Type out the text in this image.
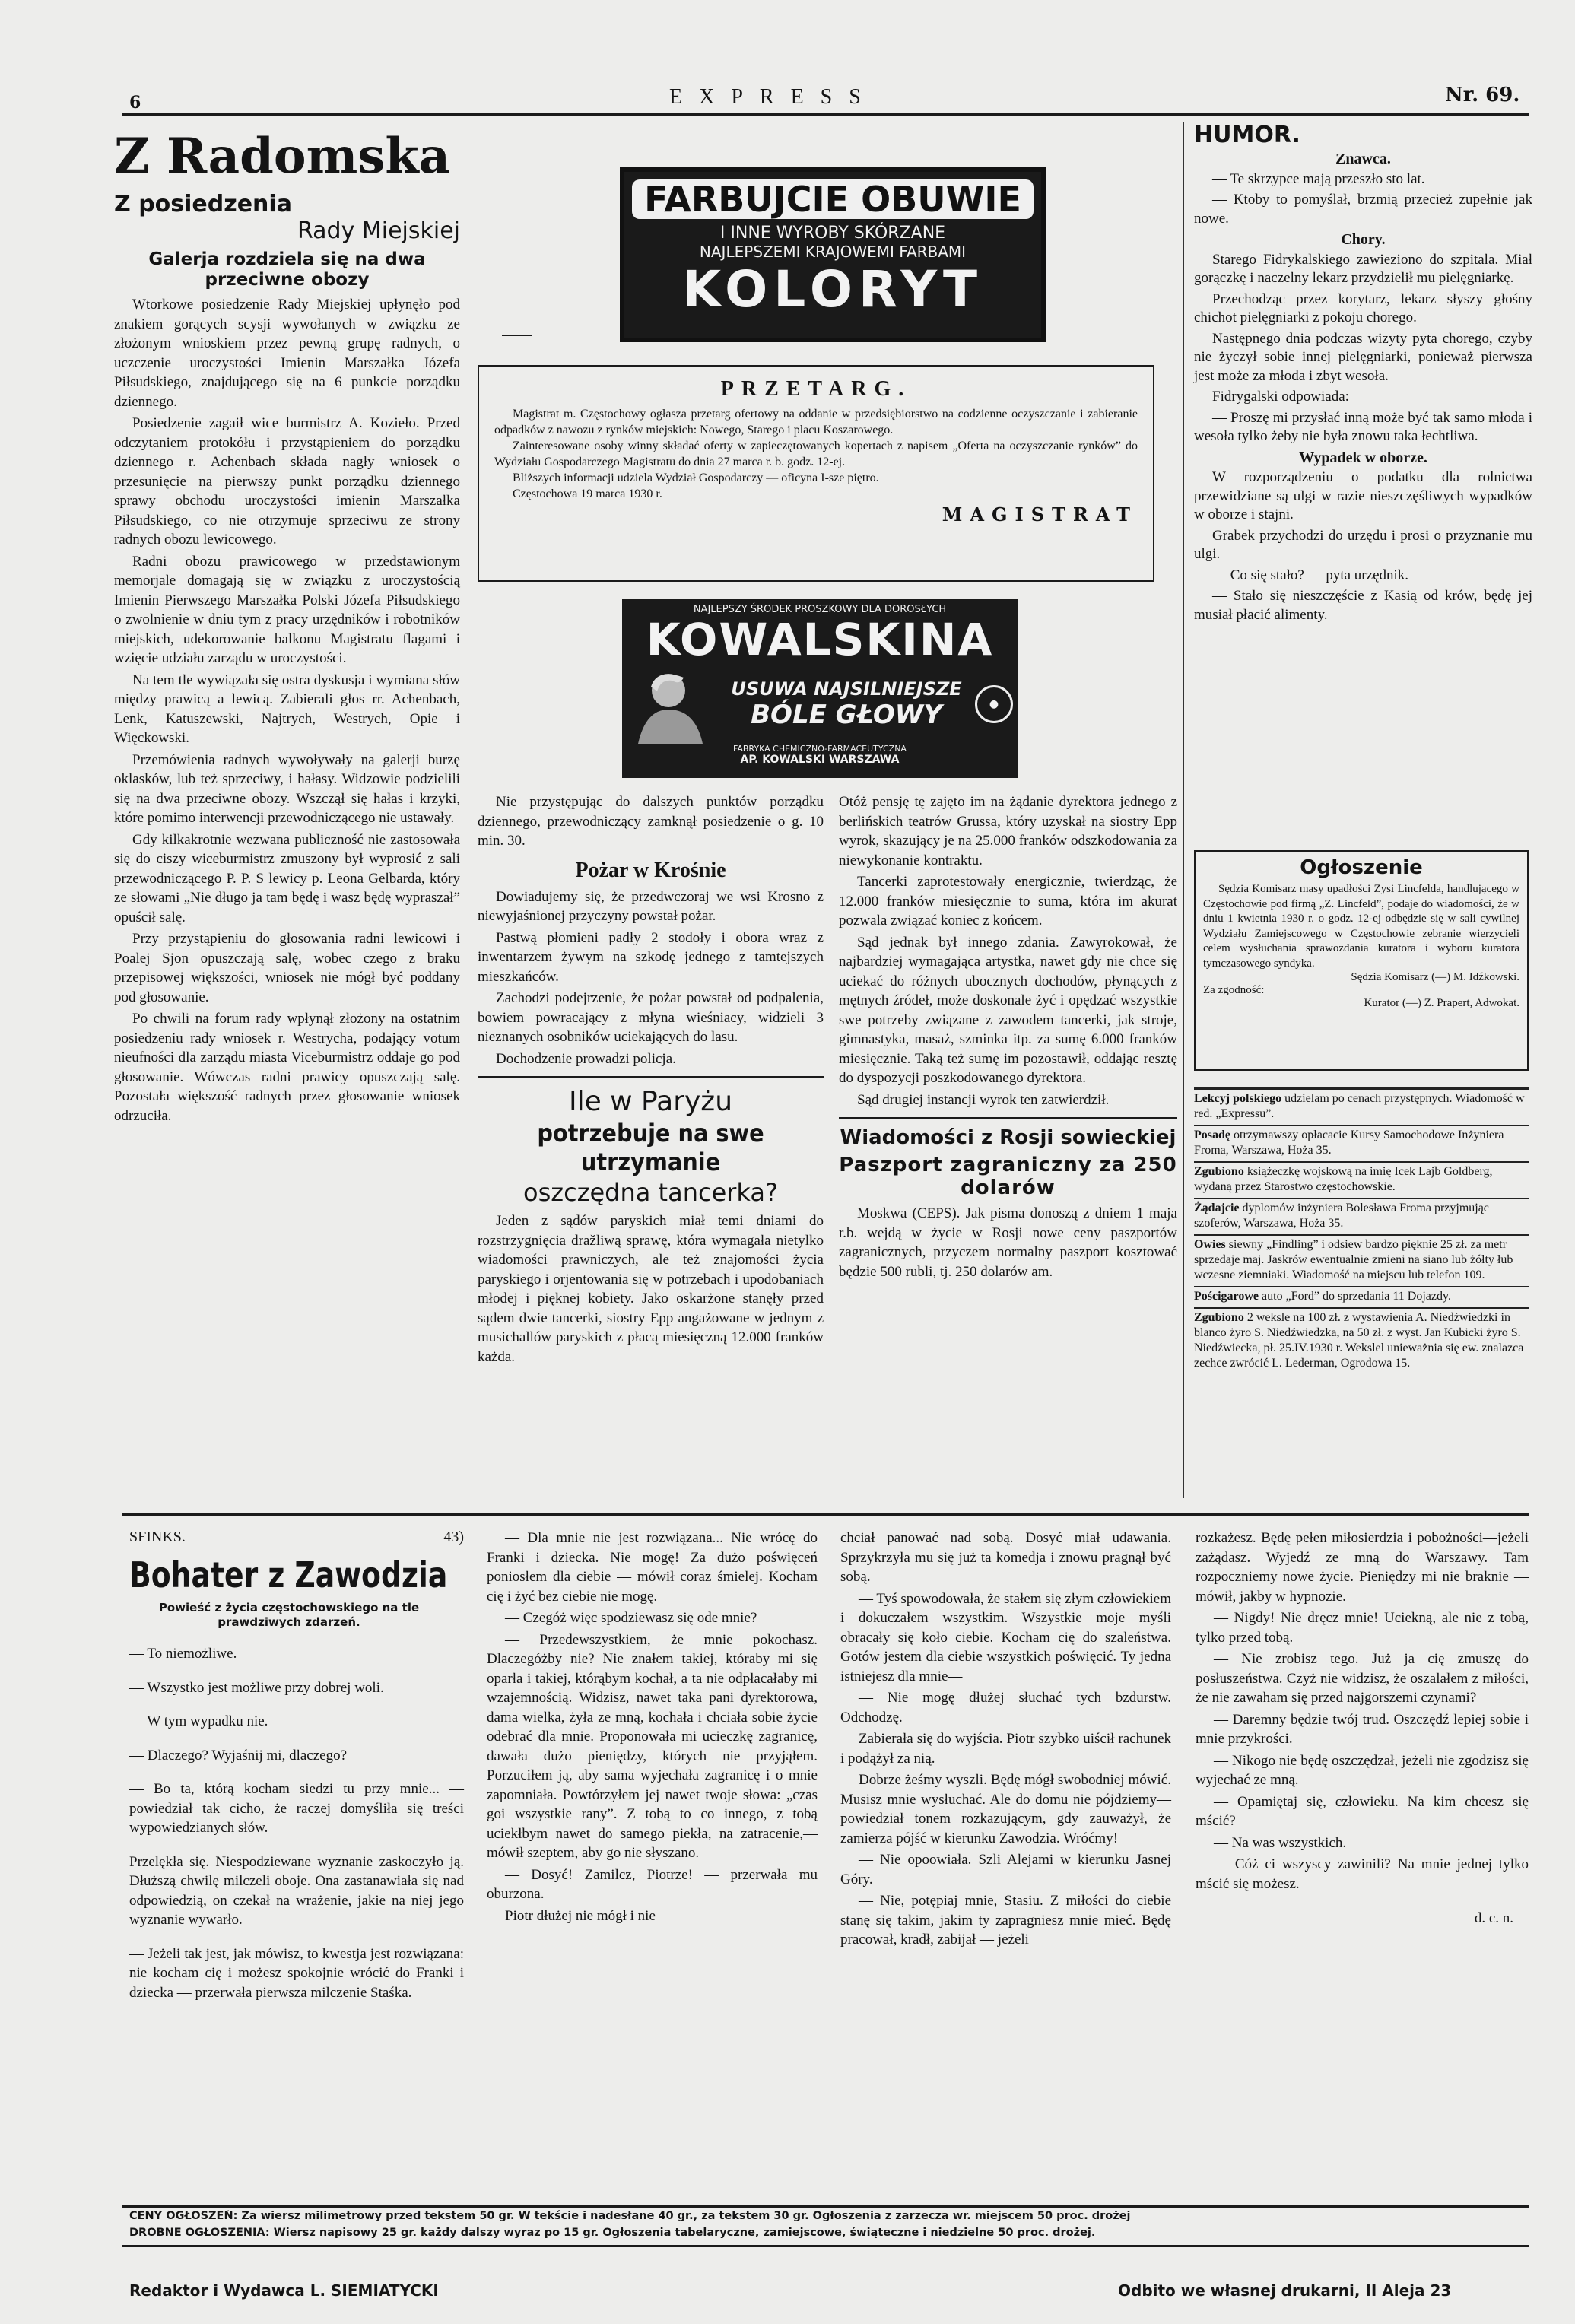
6	EXPRESS	Nr. 69.
Z Radomska
Z posiedzenia
Rady Miejskiej
Galerja rozdziela się na dwa przeciwne obozy

Wtorkowe posiedzenie Rady Miejskiej upłynęło pod znakiem gorących scysji wywołanych w związku ze złożonym wnioskiem przez pewną grupę radnych, o uczczenie uroczystości Imienin Marszałka Józefa Piłsudskiego, znajdującego się na 6 punkcie porządku dziennego.

Posiedzenie zagaił wice burmistrz A. Kozieło. Przed odczytaniem protokółu i przystąpieniem do porządku dziennego r. Achenbach składa nagły wniosek o przesunięcie na pierwszy punkt porządku dziennego sprawy obchodu uroczystości imienin Marszałka Piłsudskiego, co nie otrzymuje sprzeciwu ze strony radnych obozu lewicowego.

Radni obozu prawicowego w przedstawionym memorjale domagają się w związku z uroczystością Imienin Pierwszego Marszałka Polski Józefa Piłsudskiego o zwolnienie w dniu tym z pracy urzędników i robotników miejskich, udekorowanie balkonu Magistratu flagami i wzięcie udziału zarządu w uroczystości.

Na tem tle wywiązała się ostra dyskusja i wymiana słów między prawicą a lewicą. Zabierali głos rr. Achenbach, Lenk, Katuszewski, Najtrych, Westrych, Opie i Więckowski.

Przemówienia radnych wywoływały na galerji burzę oklasków, lub też sprzeciwy, i hałasy. Widzowie podzielili się na dwa przeciwne obozy. Wszczął się hałas i krzyki, które pomimo interwencji przewodniczącego nie ustawały.

Gdy kilkakrotnie wezwana publiczność nie zastosowała się do ciszy wiceburmistrz zmuszony był wyprosić z sali przewodniczącego P. P. S lewicy p. Leona Gelbarda, który ze słowami „Nie długo ja tam będę i wasz będę wypraszał” opuścił salę.

Przy przystąpieniu do głosowania radni lewicowi i Poalej Sjon opuszczają salę, wobec czego z braku przepisowej większości, wniosek nie mógł być poddany pod głosowanie.

Po chwili na forum rady wpłynął złożony na ostatnim posiedzeniu rady wniosek r. Westrycha, podający votum nieufności dla zarządu miasta Viceburmistrz oddaje go pod głosowanie. Wówczas radni prawicy opuszczają salę. Pozostała większość radnych przez głosowanie wniosek odrzuciła.

FARBUJCIE OBUWIE
I INNE WYROBY SKÓRZANE
NAJLEPSZEMI KRAJOWEMI FARBAMI
KOLORYT
PRZETARG.
Magistrat m. Częstochowy ogłasza przetarg ofertowy na oddanie w przedsiębiorstwo na codzienne oczyszczanie i zabieranie odpadków z nawozu z rynków miejskich: Nowego, Starego i placu Koszarowego.
Zainteresowane osoby winny składać oferty w zapieczętowanych kopertach z napisem „Oferta na oczyszczanie rynków” do Wydziału Gospodarczego Magistratu do dnia 27 marca r. b. godz. 12-ej.
Bliższych informacji udziela Wydział Gospodarczy — oficyna I-sze piętro.
Częstochowa 19 marca 1930 r.
MAGISTRAT
NAJLEPSZY ŚRODEK PROSZKOWY DLA DOROSŁYCH
KOWALSKINA
USUWA NAJSILNIEJSZE
BÓLE GŁOWY	●
FABRYKA CHEMICZNO-FARMACEUTYCZNA
AP. KOWALSKI WARSZAWA
Nie przystępując do dalszych punktów porządku dziennego, przewodniczący zamknął posiedzenie o g. 10 min. 30.
Pożar w Krośnie

Dowiadujemy się, że przedwczoraj we wsi Krosno z niewyjaśnionej przyczyny powstał pożar.

Pastwą płomieni padły 2 stodoły i obora wraz z inwentarzem żywym na szkodę jednego z tamtejszych mieszkańców.

Zachodzi podejrzenie, że pożar powstał od podpalenia, bowiem powracający z młyna wieśniacy, widzieli 3 nieznanych osobników uciekających do lasu.

Dochodzenie prowadzi policja.

Ile w Paryżu
potrzebuje na swe utrzymanie
oszczędna tancerka?

Jeden z sądów paryskich miał temi dniami do rozstrzygnięcia dražliwą sprawę, która wymagała nietylko wiadomości prawniczych, ale też znajomości życia paryskiego i orjentowania się w potrzebach i upodobaniach młodej i pięknej kobiety. Jako oskarżone stanęły przed sądem dwie tancerki, siostry Epp angażowane w jednym z musichallów paryskich z płacą miesięczną 12.000 franków każda.

Otóż pensję tę zajęto im na żądanie dyrektora jednego z berlińskich teatrów Grussa, który uzyskał na siostry Epp wyrok, skazujący je na 25.000 franków odszkodowania za niewykonanie kontraktu.

Tancerki zaprotestowały energicznie, twierdząc, że 12.000 franków miesięcznie to suma, która im akurat pozwala związać koniec z końcem.

Sąd jednak był innego zdania. Zawyrokował, że najbardziej wymagająca artystka, nawet gdy nie chce się uciekać do różnych ubocznych dochodów, płynących z mętnych źródeł, może doskonale żyć i opędzać wszystkie swe potrzeby związane z zawodem tancerki, jak stroje, gimnastyka, masaż, szminka itp. za sumę 6.000 franków miesięcznie. Taką też sumę im pozostawił, oddając resztę do dyspozycji poszkodowanego dyrektora.

Sąd drugiej instancji wyrok ten zatwierdził.

Wiadomości z Rosji sowieckiej
Paszport zagraniczny za 250 dolarów

Moskwa (CEPS). Jak pisma donoszą z dniem 1 maja r.b. wejdą w życie w Rosji nowe ceny paszportów zagranicznych, przyczem normalny paszport kosztować będzie 500 rubli, tj. 250 dolarów am.

HUMOR.
Znawca.

— Te skrzypce mają przeszło sto lat.

— Ktoby to pomyślał, brzmią przecież zupełnie jak nowe.

Chory.

Starego Fidrykalskiego zawieziono do szpitala. Miał gorączkę i naczelny lekarz przydzielił mu pielęgniarkę.

Przechodząc przez korytarz, lekarz słyszy głośny chichot pielęgniarki z pokoju chorego.

Następnego dnia podczas wizyty pyta chorego, czyby nie życzył sobie innej pielęgniarki, ponieważ pierwsza jest może za młoda i zbyt wesoła.

Fidrygalski odpowiada:

— Proszę mi przysłać inną może być tak samo młoda i wesoła tylko żeby nie była znowu taka łechtliwa.

Wypadek w oborze.

W rozporządzeniu o podatku dla rolnictwa przewidziane są ulgi w razie nieszczęśliwych wypadków w oborze i stajni.

Grabek przychodzi do urzędu i prosi o przyznanie mu ulgi.

— Co się stało? — pyta urzędnik.

— Stało się nieszczęście z Kasią od krów, będę jej musiał płacić alimenty.

Ogłoszenie
Sędzia Komisarz masy upadłości Zysi Lincfelda, handlującego w Częstochowie pod firmą „Z. Lincfeld”, podaje do wiadomości, że w dniu 1 kwietnia 1930 r. o godz. 12-ej odbędzie się w sali cywilnej Wydziału Zamiejscowego w Częstochowie zebranie wierzycieli celem wysłuchania sprawozdania kuratora i wyboru kuratora tymczasowego syndyka.
Sędzia Komisarz (—) M. Idźkowski.
Za zgodność:
Kurator (—) Z. Prapert, Adwokat.
Lekcyj polskiego udzielam po cenach przystępnych. Wiadomość w red. „Expressu”.
Posadę otrzymawszy opłacacie Kursy Samochodowe Inżyniera Froma, Warszawa, Hoża 35.
Zgubiono książeczkę wojskową na imię Icek Lajb Goldberg, wydaną przez Starostwo częstochowskie.
Żądajcie dyplomów inżyniera Bolesława Froma przyjmując szoferów, Warszawa, Hoża 35.
Owies siewny „Findling” i odsiew bardzo pięknie 25 zł. za metr sprzedaje maj. Jaskrów ewentualnie zmieni na siano lub żółty łub wczesne ziemniaki. Wiadomość na miejscu lub telefon 109.
Pościgarowe auto „Ford” do sprzedania 11 Dojazdy.
Zgubiono 2 weksle na 100 zł. z wystawienia A. Niedźwiedzki in blanco żyro S. Niedźwiedzka, na 50 zł. z wyst. Jan Kubicki żyro S. Niedźwiecka, pł. 25.IV.1930 r. Wekslel unieważnia się ew. znalazca zechce zwrócić L. Lederman, Ogrodowa 15.
SFINKS.	43)
Bohater z Zawodzia
Powieść z życia częstochowskiego na tle prawdziwych zdarzeń.

— To niemożliwe.

— Wszystko jest możliwe przy dobrej woli.

— W tym wypadku nie.

— Dlaczego? Wyjaśnij mi, dlaczego?

— Bo ta, którą kocham siedzi tu przy mnie... — powiedział tak cicho, że raczej domyśliła się treści wypowiedzianych słów.

Przelękła się. Niespodziewane wyznanie zaskoczyło ją. Dłuższą chwilę milczeli oboje. Ona zastanawiała się nad odpowiedzią, on czekał na wrażenie, jakie na niej jego wyznanie wywarło.

— Jeżeli tak jest, jak mówisz, to kwestja jest rozwiązana: nie kocham cię i możesz spokojnie wrócić do Franki i dziecka — przerwała pierwsza milczenie Staśka.

— Dla mnie nie jest rozwiązana... Nie wrócę do Franki i dziecka. Nie mogę! Za dużo poświęceń poniosłem dla ciebie — mówił coraz śmielej. Kocham cię i żyć bez ciebie nie mogę.

— Czegóż więc spodziewasz się ode mnie?

— Przedewszystkiem, że mnie pokochasz. Dlaczegóżby nie? Nie znałem takiej, któraby mi się oparła i takiej, którąbym kochał, a ta nie odpłacałaby mi wzajemnością. Widzisz, nawet taka pani dyrektorowa, dama wielka, żyła ze mną, kochała i chciała sobie życie odebrać dla mnie. Proponowała mi ucieczkę zagranicę, dawała dużo pieniędzy, których nie przyjąłem. Porzuciłem ją, aby sama wyjechała zagranicę i o mnie zapomniała. Powtórzyłem jej nawet twoje słowa: „czas goi wszystkie rany”. Z tobą to co innego, z tobą uciekłbym nawet do samego piekła, na zatracenie,— mówił szeptem, aby go nie słyszano.

— Dosyć! Zamilcz, Piotrze! — przerwała mu oburzona.

Piotr dłużej nie mógł i nie

chciał panować nad sobą. Dosyć miał udawania. Sprzykrzyła mu się już ta komedja i znowu pragnął być sobą.

— Tyś spowodowała, że stałem się złym człowiekiem i dokuczałem wszystkim. Wszystkie moje myśli obracały się koło ciebie. Kocham cię do szaleństwa. Gotów jestem dla ciebie wszystkich poświęcić. Ty jedna istniejesz dla mnie—

— Nie mogę dłużej słuchać tych bzdurstw. Odchodzę.

Zabierała się do wyjścia. Piotr szybko uiścił rachunek i podążył za nią.

Dobrze żeśmy wyszli. Będę mógł swobodniej mówić. Musisz mnie wysłuchać. Ale do domu nie pójdziemy— powiedział tonem rozkazującym, gdy zauważył, że zamierza pójść w kierunku Zawodzia. Wróćmy!

— Nie opoowiała. Szli Alejami w kierunku Jasnej Góry.

— Nie, potępiaj mnie, Stasiu. Z miłości do ciebie stanę się takim, jakim ty zapragniesz mnie mieć. Będę pracował, kradł, zabijał — jeżeli

rozkażesz. Będę pełen miłosierdzia i pobożności—jeżeli zażądasz. Wyjedź ze mną do Warszawy. Tam rozpoczniemy nowe życie. Pieniędzy mi nie braknie — mówił, jakby w hypnozie.

— Nigdy! Nie dręcz mnie! Uciekną, ale nie z tobą, tylko przed tobą.

— Nie zrobisz tego. Już ja cię zmuszę do posłuszeństwa. Czyż nie widzisz, że oszalałem z miłości, że nie zawaham się przed najgorszemi czynami?

— Daremny będzie twój trud. Oszczędź lepiej sobie i mnie przykrości.

— Nikogo nie będę oszczędzał, jeżeli nie zgodzisz się wyjechać ze mną.

— Opamiętaj się, człowieku. Na kim chcesz się mścić?

— Na was wszystkich.

— Cóż ci wszyscy zawinili? Na mnie jednej tylko mścić się możesz.

d. c. n.
CENY OGŁOSZEŃ: Za wiersz milimetrowy przed tekstem 50 gr. W tekście i nadesłane 40 gr., za tekstem 30 gr. Ogłoszenia z zarzecza wr. miejscem 50 proc. drożej
DROBNE OGŁOSZENIA: Wiersz napisowy 25 gr. każdy dalszy wyraz po 15 gr. Ogłoszenia tabelaryczne, zamiejscowe, świąteczne i niedzielne 50 proc. drożej.
Redaktor i Wydawca L. SIEMIATYCKI	Odbito we własnej drukarni, II Aleja 23
